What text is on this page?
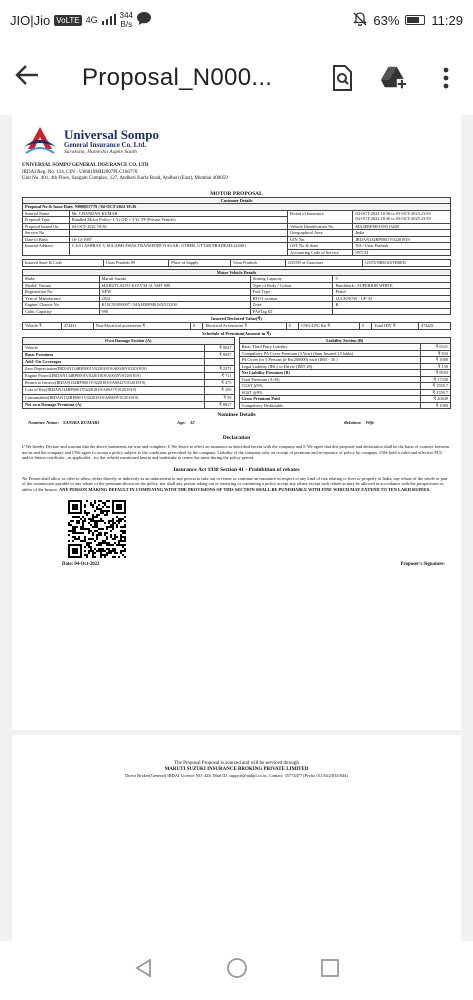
JIO|Jio VoLTE 4G	344
B/s	63% 11:29
Proposal_N000...
Universal Sompo
General Insurance Co. Ltd.
Suraksha, Hamesha Aapke Saath
UNIVERSAL SOMPO GENERAL INSURANCE CO. LTD
IRDAI Reg. No. 134. CIN - U66010MH2007PLC166770
Unit No. 401, 4th Floor, Sangam Complex, 127, Andheri Kurla Road, Andheri (East), Mumbai 400059
MOTOR PROPOSAL
Customer Details			
Proposal No & Issue Date: N000057779 / 04-OCT-2022 18:36			
Insured Name	Mr. CHANDAN KUMAR	Period of Insurance	04-OCT-2022 18:36 to 03-OCT-2023 23:59
04-OCT-2022 18:36 to 03-OCT-2025 23:59

Proposal Type	Bundled Motor Policy- 1 Yr OD + 3 Yr TP (Private Vehicle)		
Proposal Issued On	04-OCT-2022 18:36	Vehicle Identification No.	MA3ERFM01SN513200
Service No.		Geographical Area	India
Date of Birth	16-12-1987	UIN No.	IRDAN134RP0001V02201819
Insured Address	C 6/51 ASHRAY 3, SULABH AWAS TRANSPORT NAGAR, OTHER, UTTAR PRADESH-224001	GST No & State	NA / Uttar Pradesh
		Accounting Code of Service	997134
Insured State & Code	Uttar Pradesh 09	Place of Supply	Uttar Pradesh	GSTIN of Customer	GSTUNREGISTERED
Motor Vehicle Details			
Make	Maruti Suzuki	Seating Capacity	5
Model/ Variant	MARUTI ALTO K10 VXI /S, 5MT 998	Type of Body / Colour	Hatchback / SUPERIOR WHITE
Registration No.	NEW	Fuel Type	Petrol
Year of Manufacture	2022	RTO Location	LUCKNOW - UP-32
Engine/ Chassis No	K10CN1899907 / MA3ERFM01SN513200	Zone	B
Cubic Capacity	998	FASTag ID	
Insured Declared Value(₹)
Vehicle ₹	474431	Non-Electrical accessories ₹	0	Electrical Accessories ₹	0	CNG/LPG Kit ₹	0	Total IDV ₹	474431
Schedule of Premium(Amount in ₹)
Own Damage Section (A)	
Vehicle	₹ 8047
Basic Premium	₹ 8047
Add- On Coverages	
Zero Depreciation(IRDAN134RP0001V02201819/A0040V01201819)	₹ 2371
Engine Protect(IRDAN134RP0001V02201819/A0035V01201819)	₹ 711
Return to Invoice(IRDAN134RP0001V02201819/A0042V01201819)	₹ 475
Loss of Key(IRDAN134RP0001V02201819/A0037V01201819)	₹ 105
Consumables(IRDAN134RP0001V02201819/A0009V01201819)	₹ 95
Net own Damage Premium (A)	₹ 8827
Liability Section (B)	
Basic Third Party Liability	₹ 6521
Compulsory PA Cover Premium (3 Year) (Sum Insured 15 lakhs)	₹ 832
PA Cover for 5 Persons @ Rs(200000) each (IMT - 16 )	₹ 1000
Legal Liability (IRC) to Driver (IMT 28)	₹ 150
Net Liability Premium (B)	₹ 8503
Total Premium (A+B)	₹ 17330
CGST @9%	₹ 1559.7
SGST @9%	₹ 1559.7
Gross Premium Paid	₹ 20449
Compulsory Deductable	₹ 1000
Nominee Details
Nominee Name: SANIKA KUMARI	Age: 32	Relation: Wife
Declaration
I/ We hereby Declare and warrant that the above statements are true and complete. I/ We desire to effect an insurance as described herein with the company and I/ We agree that this proposal and declaration shall be the basis of contract between me/us and the company and I/We agree to accept a policy subject to the conditions prescribed by the company. Liability of the company only on receipt of premium and acceptance of policy by company. I/We hold a valid and effective PUC and/or fitness certificate , as applicable , for the vehicle mentioned herein and undertake to renew the same during the policy period.
Insurance Act 1938 Section 41 - Prohibition of rebates
No Person shall allow or offer to allow, either directly or indirectly as an inducement to any person to take out or renew or continue an insurance in respect of any kind of risk relating to lives or property in India, any rebate of the whole or part of the commission payable or any rebate of the premium shown on the policy, nor shall any person taking out or renewing or continuing a policy accept any rebate except such rebate as may be allowed in accordance with the prospectuses or tables of the Insurer. ANY PERSON MAKING DEFAULT IN COMPLYING WITH THE PROVISIONS OF THIS SECTION SHALL BE PUNISHABLE WITH FINE WHICH MAY EXTEND TO TEN LAKH RUPEES.
Date: 04-Oct-2022	Proposer's Signature:
The Proposal Proposal is sourced and will be serviced through
MARUTI SUZUKI INSURANCE BROKING PRIVATE LIMITED
Direct Broker(General) IRDAI Licence NO. 428, Mail ID: support@indipl.co.in, Contact: 35774477 (Prefix 011/022/033/044)
